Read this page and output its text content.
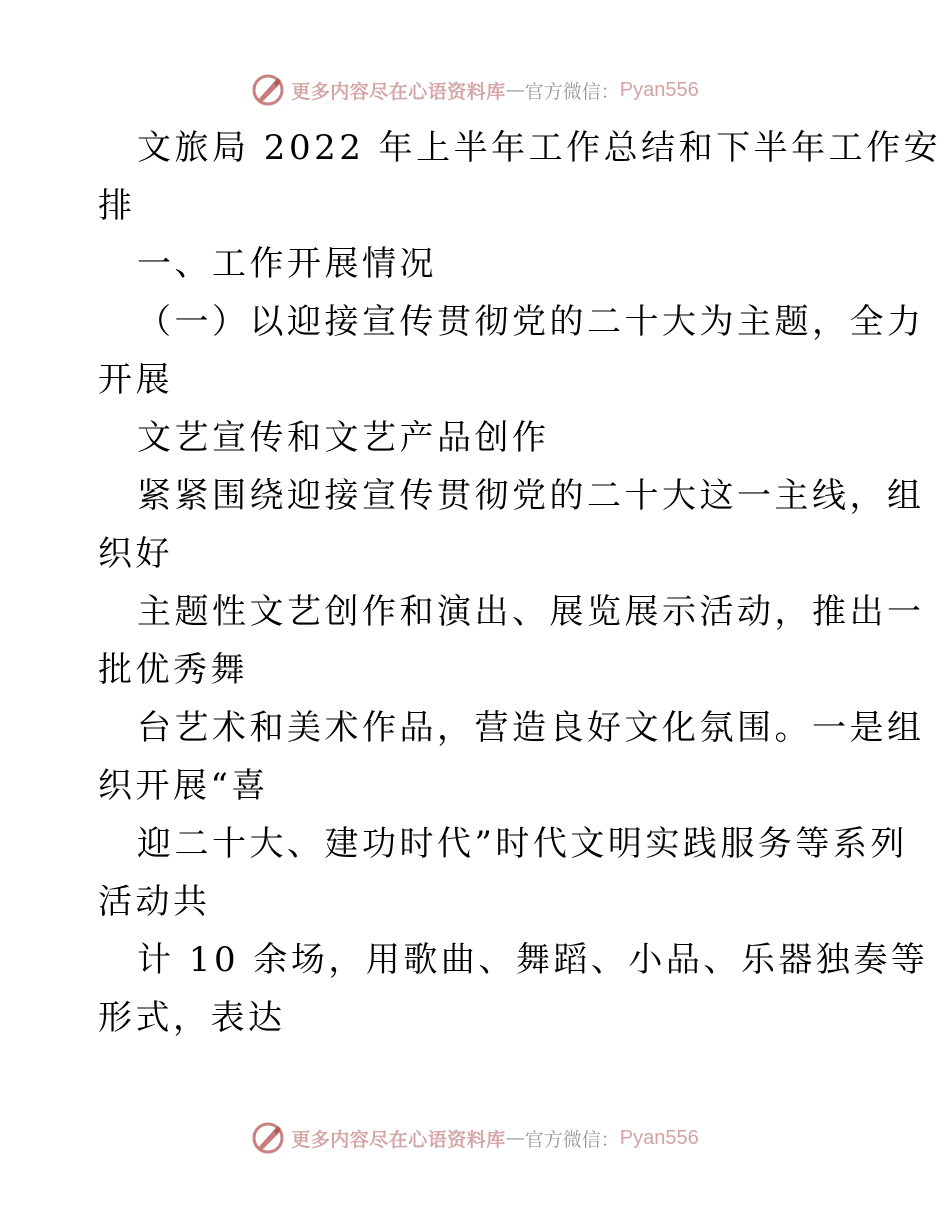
更多内容尽在心语资料库 — 官方微信： Pyan556
文旅局 2022 年上半年工作总结和下半年工作安
排
一、工作开展情况
（一）以迎接宣传贯彻党的二十大为主题，全力
开展
文艺宣传和文艺产品创作
紧紧围绕迎接宣传贯彻党的二十大这一主线，组
织好
主题性文艺创作和演出、展览展示活动，推出一
批优秀舞
台艺术和美术作品，营造良好文化氛围。一是组
织开展“喜
迎二十大、建功时代”时代文明实践服务等系列
活动共
计 10 余场，用歌曲、舞蹈、小品、乐器独奏等
形式，表达
更多内容尽在心语资料库 — 官方微信： Pyan556
